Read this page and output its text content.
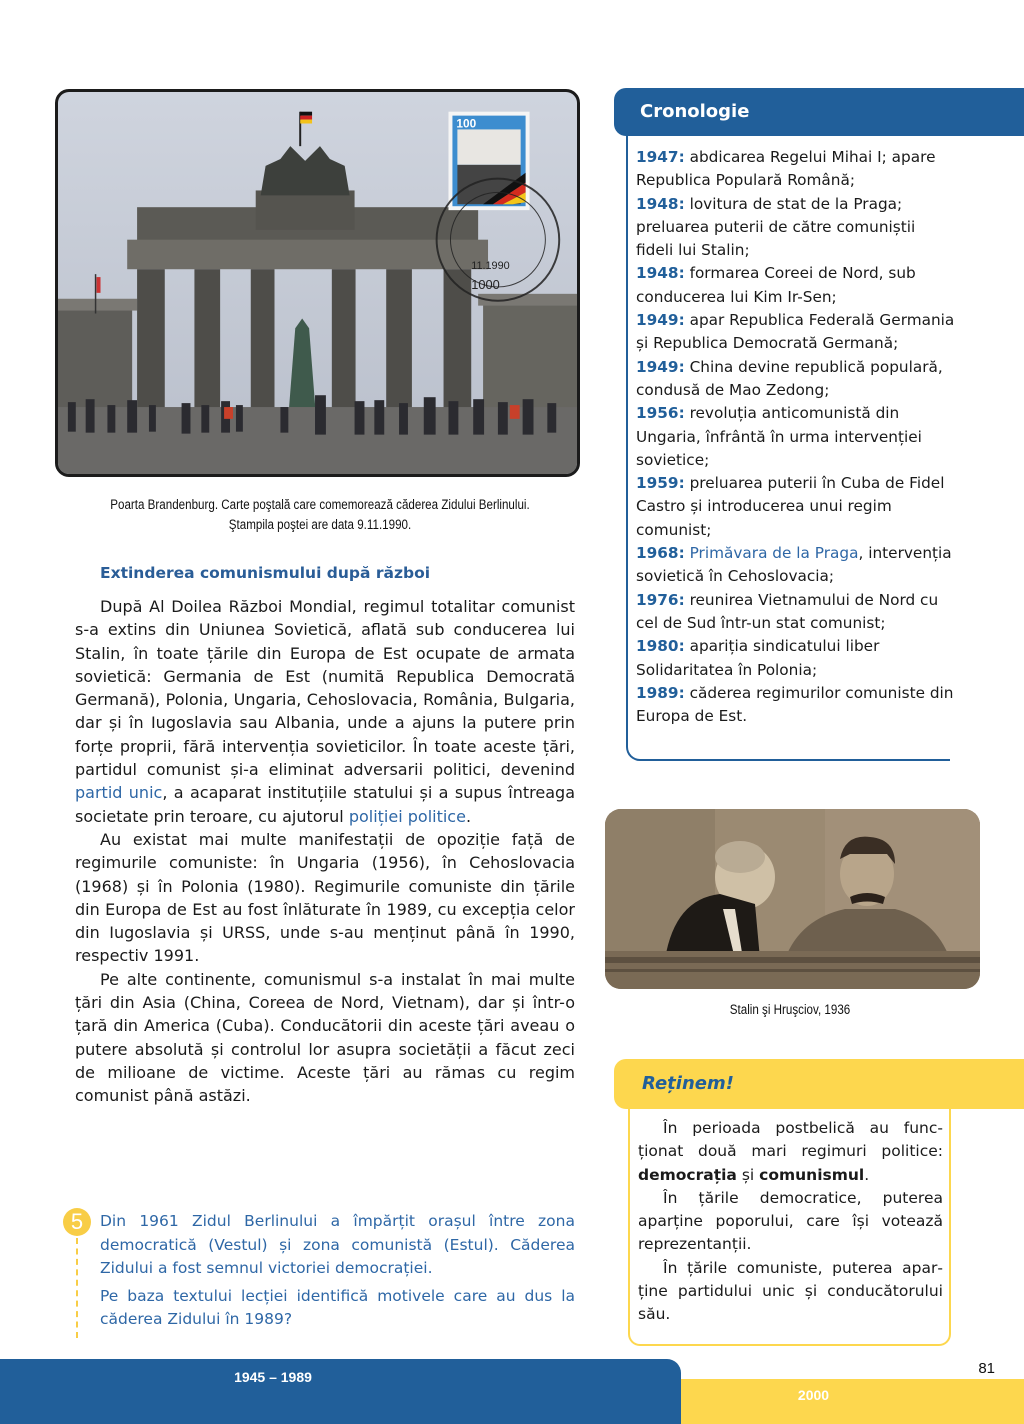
100
11.1990
1000
Poarta Brandenburg. Carte poştală care comemorează căderea Zidului Berlinului.
Ştampila poştei are data 9.11.1990.
Extinderea comunismului după război

După Al Doilea Război Mondial, regimul totalitar comunist s-a extins din Uniunea Sovietică, aflată sub conducerea lui Stalin, în toate țările din Europa de Est ocupate de armata sovietică: Germania de Est (numită Republica Democrată Germană), Polonia, Ungaria, Cehoslovacia, România, Bulgaria, dar și în Iugoslavia sau Albania, unde a ajuns la putere prin forțe proprii, fără intervenția sovieticilor. În toate aceste țări, partidul comunist și-a eliminat adversarii politici, devenind partid unic, a acaparat instituțiile statului și a supus întreaga societate prin teroare, cu ajutorul poliției politice.

Au existat mai multe manifestații de opoziție față de regimurile comuniste: în Ungaria (1956), în Cehoslovacia (1968) și în Polonia (1980). Regimurile comuniste din țările din Europa de Est au fost înlăturate în 1989, cu excepția celor din Iugoslavia și URSS, unde s-au menținut până în 1990, respectiv 1991.

Pe alte continente, comunismul s-a instalat în mai multe țări din Asia (China, Coreea de Nord, Vietnam), dar și într-o țară din America (Cuba). Conducătorii din aceste țări aveau o putere absolută și controlul lor asupra societății a făcut zeci de milioane de victime. Aceste țări au rămas cu regim comunist până astăzi.

5	Din 1961 Zidul Berlinului a împărțit orașul între zona democratică (Vestul) și zona comunistă (Estul). Căderea Zidului a fost semnul victoriei democrației.

Pe baza textului lecției identifică motivele care au dus la căderea Zidului în 1989?

Cronologie
1947: abdicarea Regelui Mihai I; apare Republica Populară Română;
1948: lovitura de stat de la Praga; preluarea puterii de către comuniștii fideli lui Stalin;
1948: formarea Coreei de Nord, sub conducerea lui Kim Ir-Sen;
1949: apar Republica Federală Germania și Republica Democrată Germană;
1949: China devine republică populară, condusă de Mao Zedong;
1956: revoluția anticomunistă din Ungaria, înfrântă în urma intervenției sovietice;
1959: preluarea puterii în Cuba de Fidel Castro și introducerea unui regim comunist;
1968: Primăvara de la Praga, intervenția sovietică în Cehoslovacia;
1976: reunirea Vietnamului de Nord cu cel de Sud într-un stat comunist;
1980: apariția sindicatului liber Solidaritatea în Polonia;
1989: căderea regimurilor comuniste din Europa de Est.
Stalin şi Hruşciov, 1936
Reținem!

În perioada postbelică au funcționat două mari regimuri politice: democrația și comunismul.

În țările democratice, puterea aparține poporului, care își votează reprezentanții.

În țările comuniste, puterea aparține partidului unic și conducătorului său.

1945 – 1989
2000
81
